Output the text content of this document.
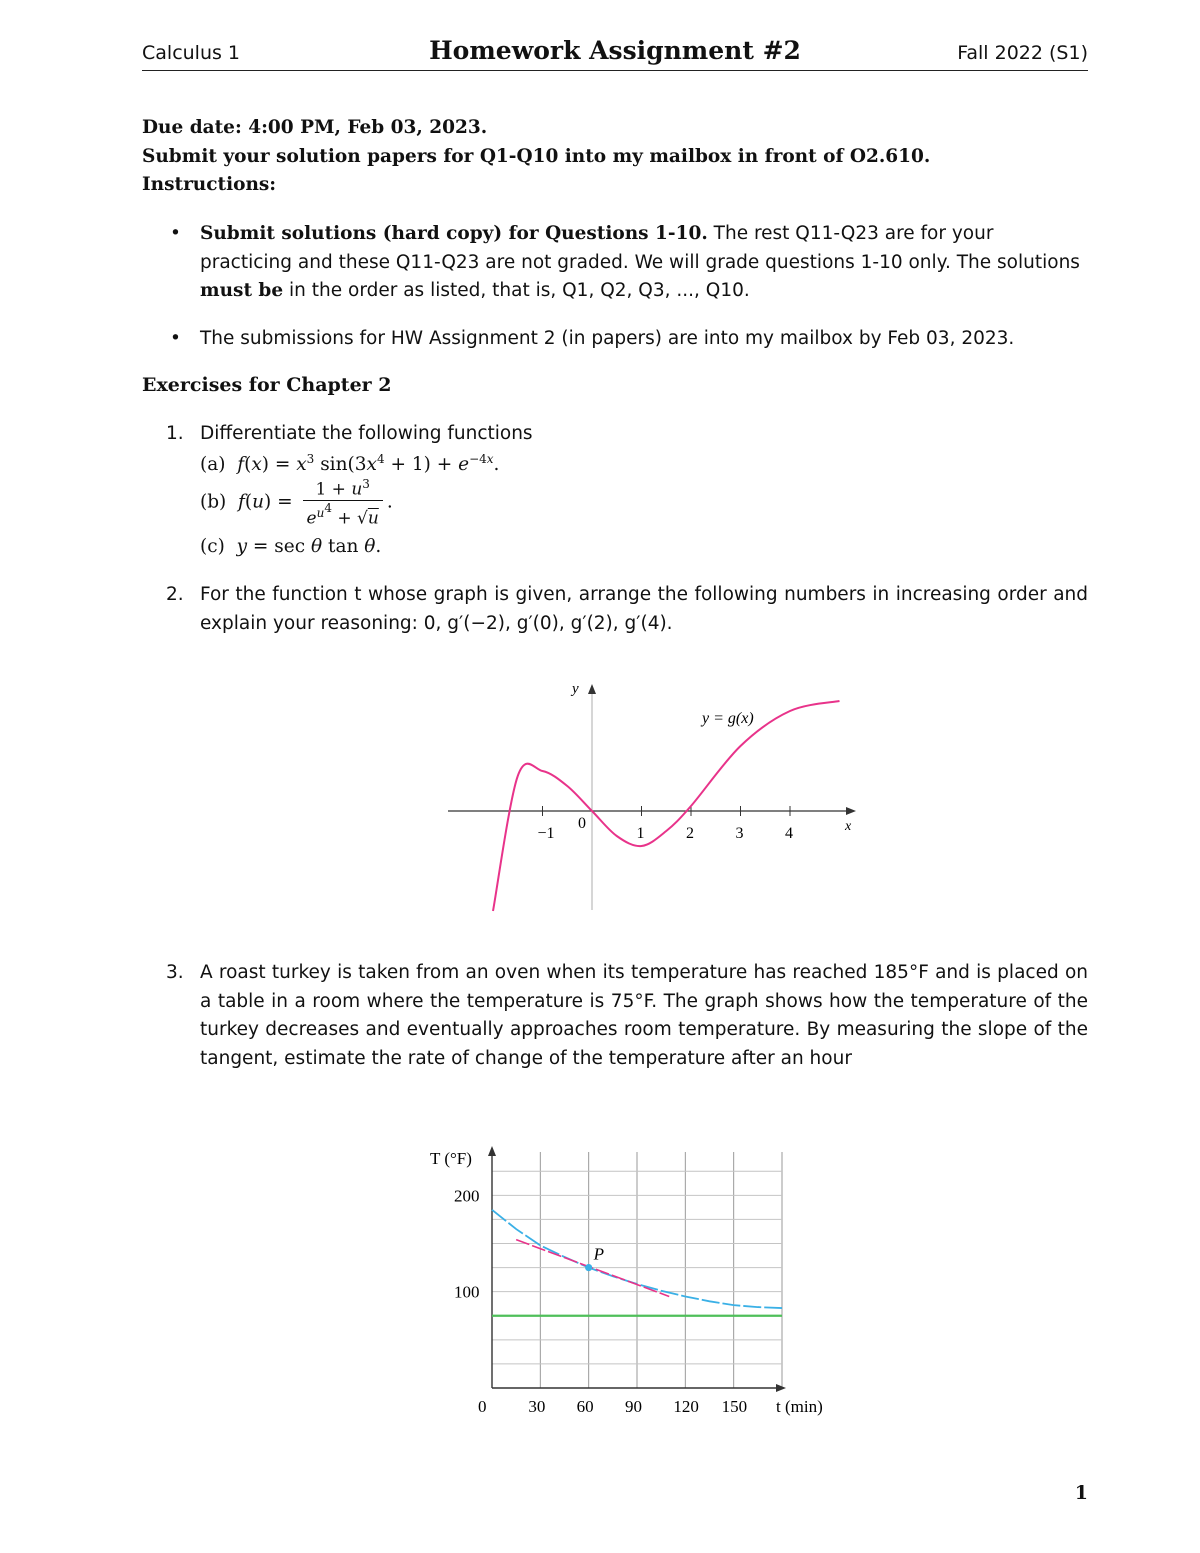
Calculus 1	Homework Assignment #2	Fall 2022 (S1)
Due date: 4:00 PM, Feb 03, 2023.
Submit your solution papers for Q1-Q10 into my mailbox in front of O2.610.
Instructions:
• Submit solutions (hard copy) for Questions 1-10. The rest Q11-Q23 are for your practicing and these Q11-Q23 are not graded. We will grade questions 1-10 only. The solutions must be in the order as listed, that is, Q1, Q2, Q3, ..., Q10.
• The submissions for HW Assignment 2 (in papers) are into my mailbox by Feb 03, 2023.
Exercises for Chapter 2
1. Differentiate the following functions
(a)  $f(x) = x^3$ $\sin(3x^4 + 1) + e^{-4x}$.
(b)  $f(u) = \frac{1 + u^3}{e^{u^4} + √u}$ .
(c)  y = sec θ tan θ.
2. For the function t whose graph is given, arrange the following numbers in increasing order and explain your reasoning: 0, g′(−2), g′(0), g′(2), g′(4).
y
x
y = g(x)
−1
0
1	2	3	4
3. A roast turkey is taken from an oven when its temperature has reached 185°F and is placed on a table in a room where the temperature is 75°F. The graph shows how the temperature of the turkey decreases and eventually approaches room temperature. By measuring the slope of the tangent, estimate the rate of change of the temperature after an hour
T (°F)
t (min)
0 30 60 90 120 150
100
200
P
1
